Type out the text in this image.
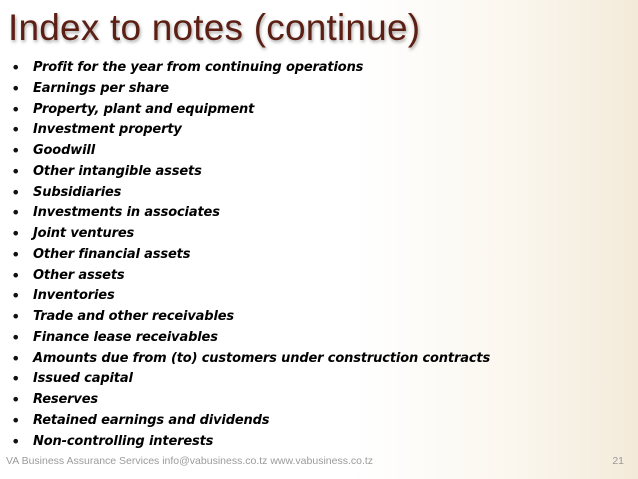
Index to notes (continue)
• Profit for the year from continuing operations
• Earnings per share
• Property, plant and equipment
• Investment property
• Goodwill
• Other intangible assets
• Subsidiaries
• Investments in associates
• Joint ventures
• Other financial assets
• Other assets
• Inventories
• Trade and other receivables
• Finance lease receivables
• Amounts due from (to) customers under construction contracts
• Issued capital
• Reserves
• Retained earnings and dividends
• Non-controlling interests
VA Business Assurance Services info@vabusiness.co.tz www.vabusiness.co.tz	21
